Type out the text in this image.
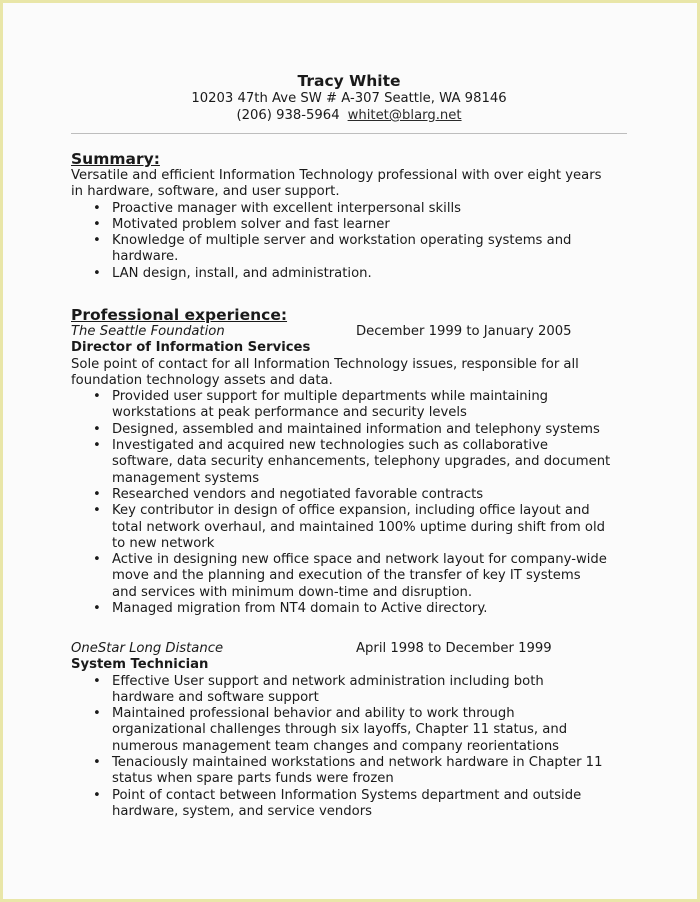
Tracy White
10203 47th Ave SW # A-307 Seattle, WA 98146
(206) 938-5964 whitet@blarg.net
Summary:
Versatile and efficient Information Technology professional with over eight years
in hardware, software, and user support.
• Proactive manager with excellent interpersonal skills
• Motivated problem solver and fast learner
• Knowledge of multiple server and workstation operating systems and
hardware.
• LAN design, install, and administration.
Professional experience:
The Seattle Foundation	December 1999 to January 2005
Director of Information Services
Sole point of contact for all Information Technology issues, responsible for all
foundation technology assets and data.
• Provided user support for multiple departments while maintaining
workstations at peak performance and security levels
• Designed, assembled and maintained information and telephony systems
• Investigated and acquired new technologies such as collaborative
software, data security enhancements, telephony upgrades, and document
management systems
• Researched vendors and negotiated favorable contracts
• Key contributor in design of office expansion, including office layout and
total network overhaul, and maintained 100% uptime during shift from old
to new network
• Active in designing new office space and network layout for company-wide
move and the planning and execution of the transfer of key IT systems
and services with minimum down-time and disruption.
• Managed migration from NT4 domain to Active directory.
OneStar Long Distance	April 1998 to December 1999
System Technician
• Effective User support and network administration including both
hardware and software support
• Maintained professional behavior and ability to work through
organizational challenges through six layoffs, Chapter 11 status, and
numerous management team changes and company reorientations
• Tenaciously maintained workstations and network hardware in Chapter 11
status when spare parts funds were frozen
• Point of contact between Information Systems department and outside
hardware, system, and service vendors
